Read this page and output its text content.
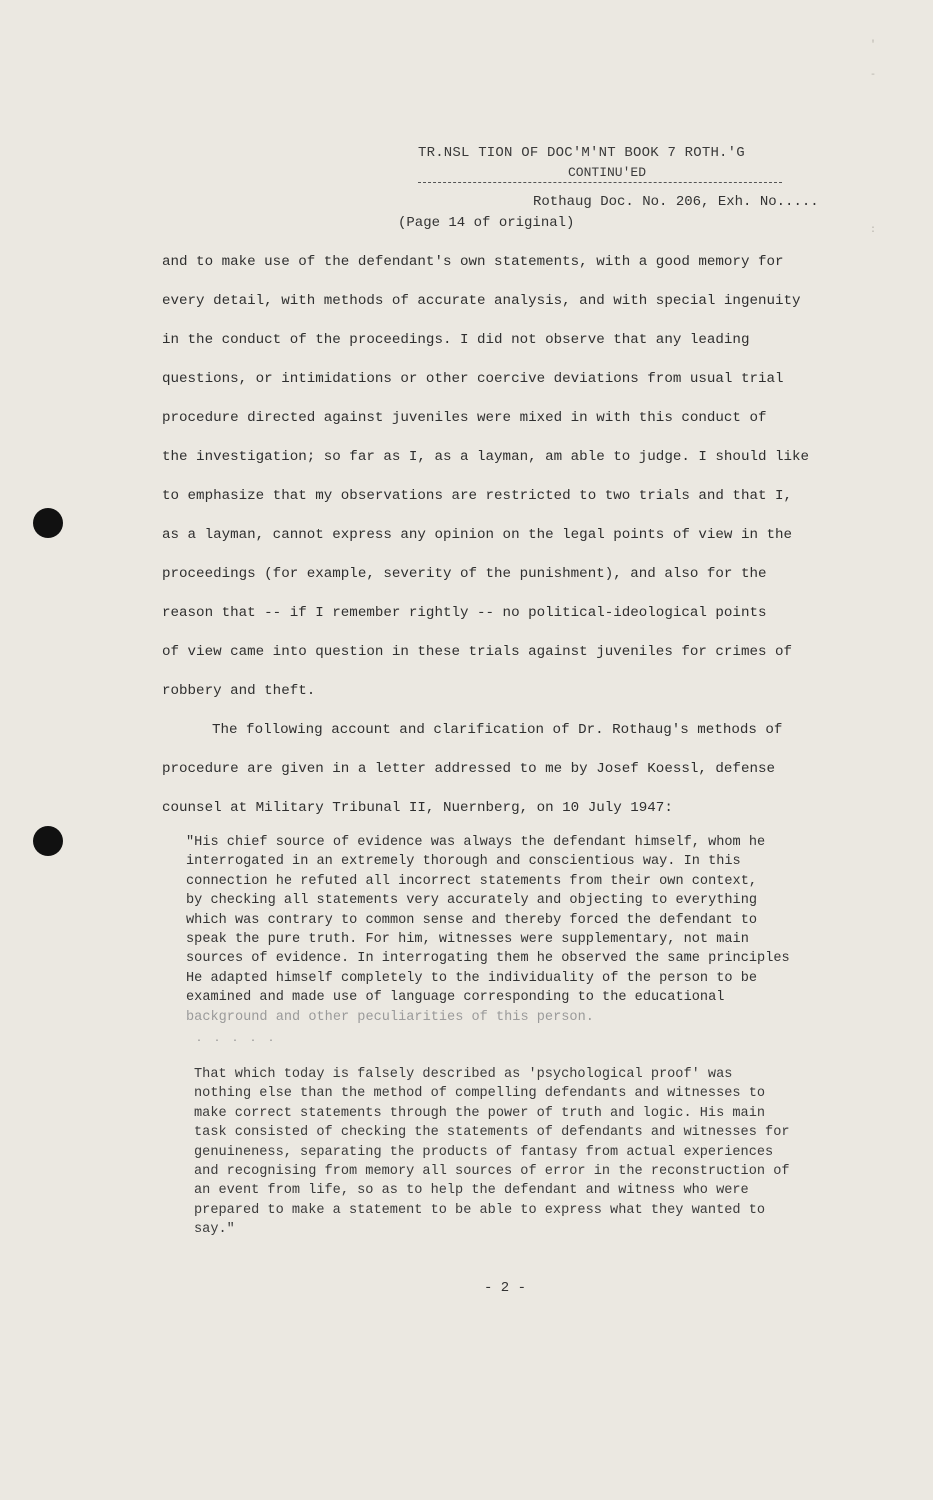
'
-
:
TR.NSL TION OF DOC'M'NT BOOK 7 ROTH.'G
CONTINU'ED
Rothaug Doc. No. 206, Exh. No.....
(Page 14 of original)
and to make use of the defendant's own statements, with a good memory for
every detail, with methods of accurate analysis, and with special ingenuity
in the conduct of the proceedings. I did not observe that any leading
questions, or intimidations or other coercive deviations from usual trial
procedure directed against juveniles were mixed in with this conduct of
the investigation; so far as I, as a layman, am able to judge. I should like
to emphasize that my observations are restricted to two trials and that I,
as a layman, cannot express any opinion on the legal points of view in the
proceedings (for example, severity of the punishment), and also for the
reason that -- if I remember rightly -- no political-ideological points
of view came into question in these trials against juveniles for crimes of
robbery and theft.
The following account and clarification of Dr. Rothaug's methods of
procedure are given in a letter addressed to me by Josef Koessl, defense
counsel at Military Tribunal II, Nuernberg, on 10 July 1947:
"His chief source of evidence was always the defendant himself, whom he
interrogated in an extremely thorough and conscientious way. In this
connection he refuted all incorrect statements from their own context,
by checking all statements very accurately and objecting to everything
which was contrary to common sense and thereby forced the defendant to
speak the pure truth. For him, witnesses were supplementary, not main
sources of evidence. In interrogating them he observed the same principles
He adapted himself completely to the individuality of the person to be
examined and made use of language corresponding to the educational
background and other peculiarities of this person.
. . . . .
That which today is falsely described as 'psychological proof' was
nothing else than the method of compelling defendants and witnesses to
make correct statements through the power of truth and logic. His main
task consisted of checking the statements of defendants and witnesses for
genuineness, separating the products of fantasy from actual experiences
and recognising from memory all sources of error in the reconstruction of
an event from life, so as to help the defendant and witness who were
prepared to make a statement to be able to express what they wanted to
say."
- 2 -
